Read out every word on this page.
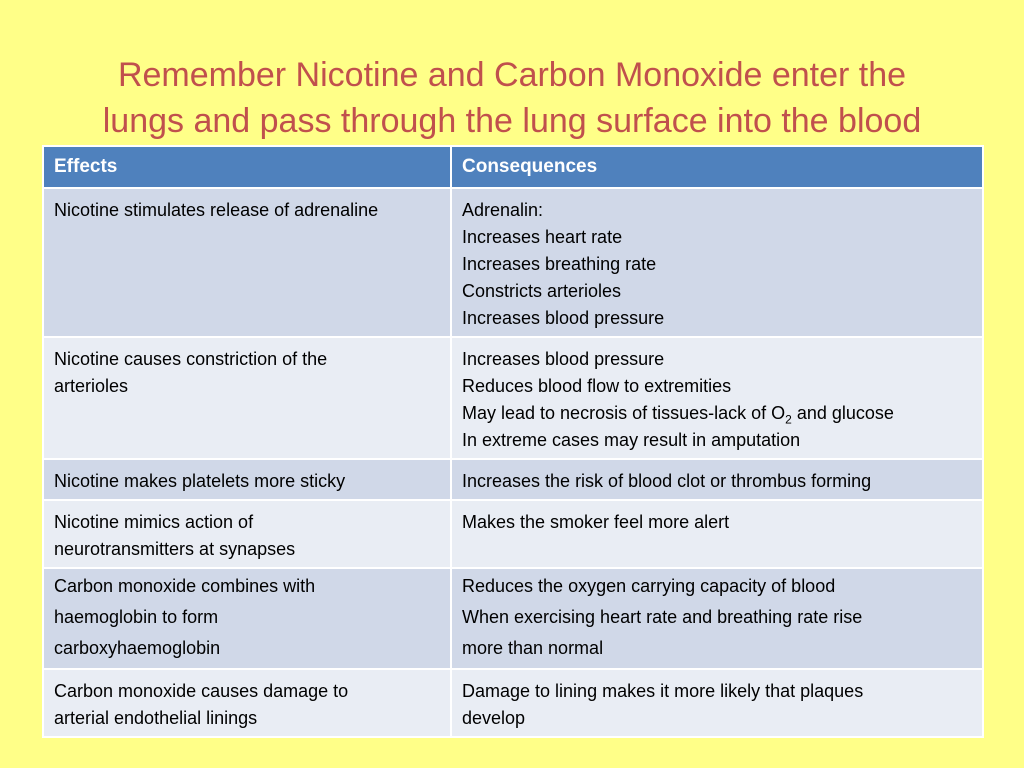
Remember Nicotine and Carbon Monoxide enter the
lungs and pass through the lung surface into the blood
Effects	Consequences

Nicotine stimulates release of adrenaline	Adrenalin:
Increases heart rate
Increases breathing rate
Constricts arterioles
Increases blood pressure

Nicotine causes constriction of the
arterioles	Increases blood pressure
Reduces blood flow to extremities
May lead to necrosis of tissues-lack of $O_2$ and glucose
In extreme cases may result in amputation

Nicotine makes platelets more sticky	Increases the risk of blood clot or thrombus forming

Nicotine mimics action of
neurotransmitters at synapses	Makes the smoker feel more alert

Carbon monoxide combines with
haemoglobin to form
carboxyhaemoglobin	Reduces the oxygen carrying capacity of blood
When exercising heart rate and breathing rate rise
more than normal

Carbon monoxide causes damage to
arterial endothelial linings	Damage to lining makes it more likely that plaques
develop
